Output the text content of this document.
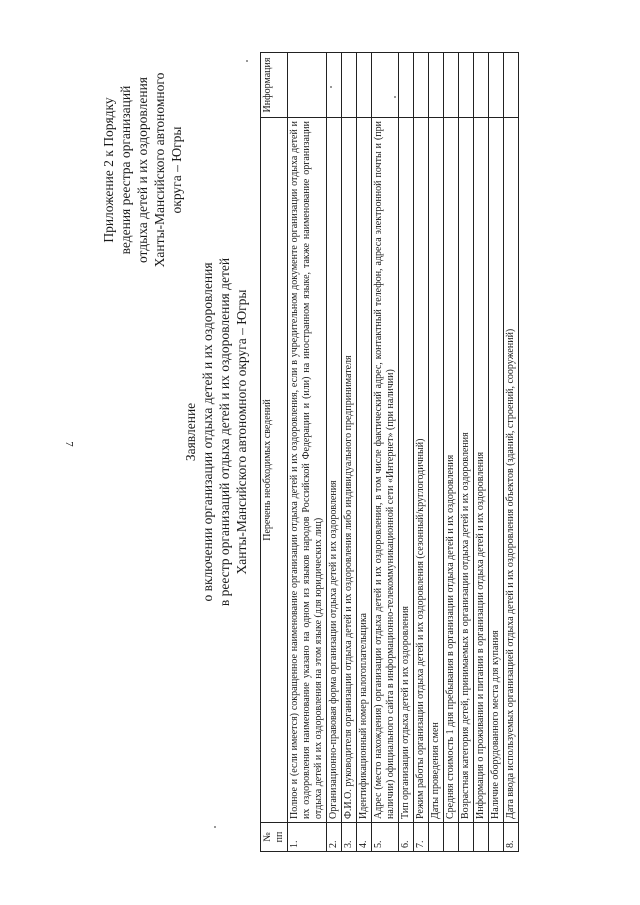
7
Приложение 2 к Порядку ведения реестра организаций отдыха детей и их оздоровления Ханты-Мансийского автономного округа – Югры
Заявление о включении организации отдыха детей и их оздоровления в реестр организаций отдыха детей и их оздоровления детей Ханты-Мансийского автономного округа – Югры
№ пп	Перечень необходимых сведений	Информация
1.	Полное и (если имеется) сокращенное наименование организации отдыха детей и их оздоровления, если в учредительном документе организации отдыха детей и их оздоровления наименование указано на одном из языков народов Российской Федерации и (или) на иностранном языке, также наименование организации отдыха детей и их оздоровления на этом языке (для юридических лиц)	
2.	Организационно-правовая форма организации отдыха детей и их оздоровления	
3.	Ф.И.О. руководителя организации отдыха детей и их оздоровления либо индивидуального предпринимателя	
4.	Идентификационный номер налогоплательщика	
5.	Адрес (место нахождения) организации отдыха детей и их оздоровления, в том числе фактический адрес, контактный телефон, адреса электронной почты и (при наличии) официального сайта в информационно-телекоммуникационной сети «Интернет» (при наличии)	
6.	Тип организации отдыха детей и их оздоровления	
7.	Режим работы организации отдыха детей и их оздоровления (сезонный/круглогодичный)	
	Даты проведения смен	
	Средняя стоимость 1 дня пребывания в организации отдыха детей и их оздоровления	
	Возрастная категория детей, принимаемых в организации отдыха детей и их оздоровления	
	Информация о проживании и питании в организации отдыха детей и их оздоровления	
	Наличие оборудованного места для купания	
8.	Дата ввода используемых организацией отдыха детей и их оздоровления объектов (зданий, строений, сооружений)	
